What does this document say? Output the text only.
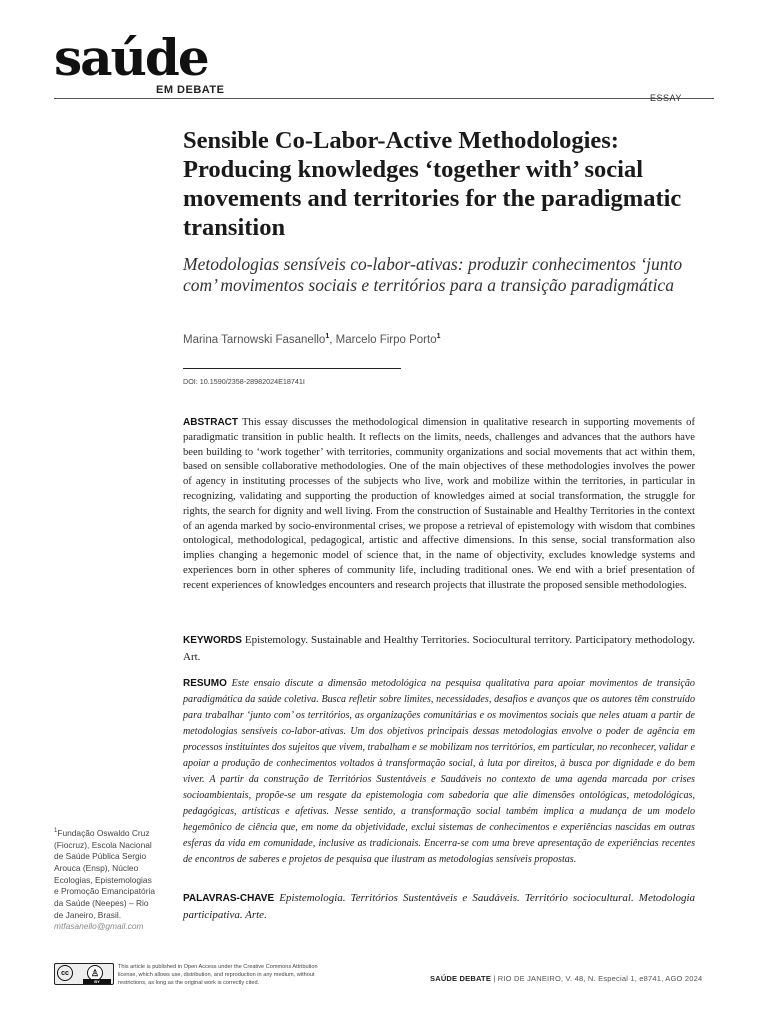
saúde
EM DEBATE
ESSAY
Sensible Co-Labor-Active Methodologies: Producing knowledges ‘together with’ social movements and territories for the paradigmatic transition
Metodologias sensíveis co-labor-ativas: produzir conhecimentos ‘junto com’ movimentos sociais e territórios para a transição paradigmática
Marina Tarnowski Fasanello$^1$, Marcelo Firpo Porto$^1$
DOI: 10.1590/2358-28982024E18741I
ABSTRACT This essay discusses the methodological dimension in qualitative research in supporting movements of paradigmatic transition in public health. It reflects on the limits, needs, challenges and advances that the authors have been building to ‘work together’ with territories, community organizations and social movements that act within them, based on sensible collaborative methodologies. One of the main objectives of these methodologies involves the power of agency in instituting processes of the subjects who live, work and mobilize within the territories, in particular in recognizing, validating and supporting the production of knowledges aimed at social transformation, the struggle for rights, the search for dignity and well living. From the construction of Sustainable and Healthy Territories in the context of an agenda marked by socio-environmental crises, we propose a retrieval of epistemology with wisdom that combines ontological, methodological, pedagogical, artistic and affective dimensions. In this sense, social transformation also implies changing a hegemonic model of science that, in the name of objectivity, excludes knowledge systems and experiences born in other spheres of community life, including traditional ones. We end with a brief presentation of recent experiences of knowledges encounters and research projects that illustrate the proposed sensible methodologies.
KEYWORDS Epistemology. Sustainable and Healthy Territories. Sociocultural territory. Participatory methodology. Art.
RESUMO Este ensaio discute a dimensão metodológica na pesquisa qualitativa para apoiar movimentos de transição paradigmática da saúde coletiva. Busca refletir sobre limites, necessidades, desafios e avanços que os autores têm construído para trabalhar ‘junto com’ os territórios, as organizações comunitárias e os movimentos sociais que neles atuam a partir de metodologias sensíveis co-labor-ativas. Um dos objetivos principais dessas metodologias envolve o poder de agência em processos instituintes dos sujeitos que vivem, trabalham e se mobilizam nos territórios, em particular, no reconhecer, validar e apoiar a produção de conhecimentos voltados à transformação social, à luta por direitos, à busca por dignidade e do bem viver. A partir da construção de Territórios Sustentáveis e Saudáveis no contexto de uma agenda marcada por crises socioambientais, propõe-se um resgate da epistemologia com sabedoria que alie dimensões ontológicas, metodológicas, pedagógicas, artísticas e afetivas. Nesse sentido, a transformação social também implica a mudança de um modelo hegemônico de ciência que, em nome da objetividade, exclui sistemas de conhecimentos e experiências nascidas em outras esferas da vida em comunidade, inclusive as tradicionais. Encerra-se com uma breve apresentação de experiências recentes de encontros de saberes e projetos de pesquisa que ilustram as metodologias sensíveis propostas.
PALAVRAS-CHAVE Epistemologia. Territórios Sustentáveis e Saudáveis. Território sociocultural. Metodologia participativa. Arte.
$^1$Fundação Oswaldo Cruz (Fiocruz), Escola Nacional de Saúde Pública Sergio Arouca (Ensp), Núcleo Ecologias, Epistemologias e Promoção Emancipatória da Saúde (Neepes) – Rio de Janeiro, Brasil.
mtfasanello@gmail.com
cc	♙
BY
This article is published in Open Access under the Creative Commons Attribution license, which allows use, distribution, and reproduction in any medium, without restrictions, as long as the original work is correctly cited.	SAÚDE DEBATE | RIO DE JANEIRO, V. 48, N. Especial 1, e8741, AGO 2024
